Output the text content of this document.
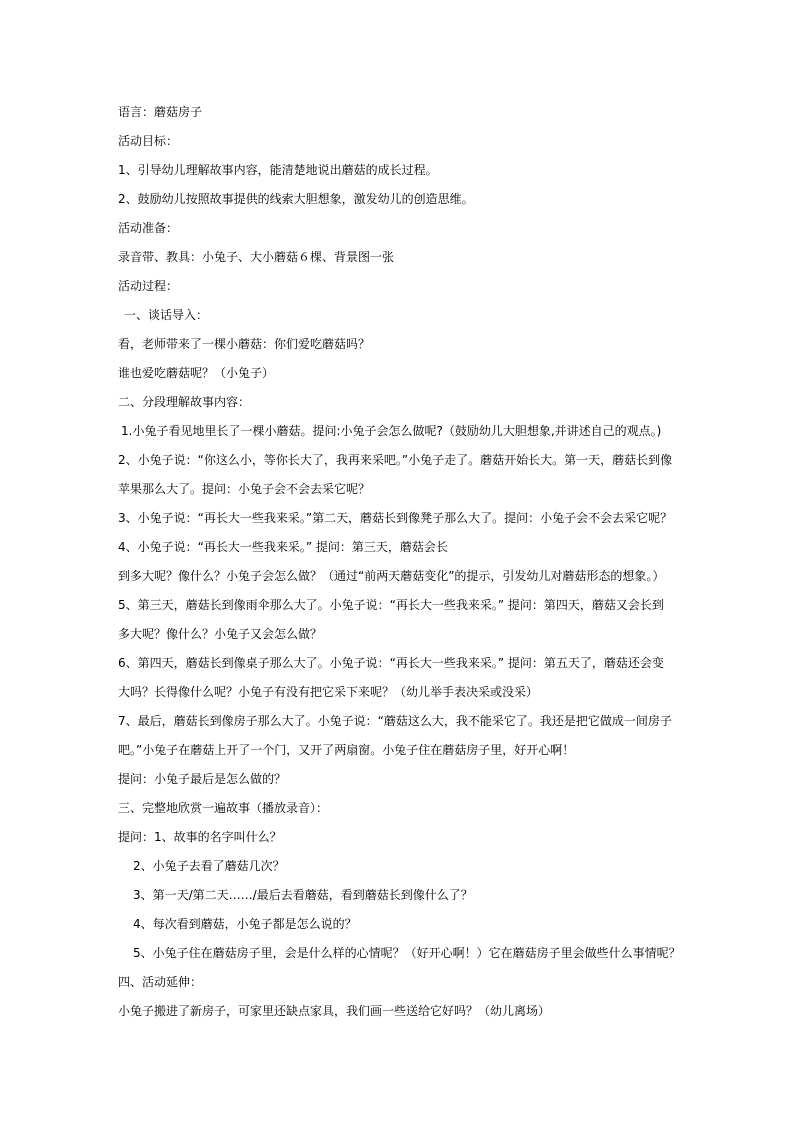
语言：蘑菇房子
活动目标：
1、引导幼儿理解故事内容，能清楚地说出蘑菇的成长过程。
2、鼓励幼儿按照故事提供的线索大胆想象，激发幼儿的创造思维。
活动准备：
录音带、教具：小兔子、大小蘑菇６棵、背景图一张
活动过程：
一、谈话导入：
看，老师带来了一棵小蘑菇：你们爱吃蘑菇吗？
谁也爱吃蘑菇呢？（小兔子）
二、分段理解故事内容：
1.小兔子看见地里长了一棵小蘑菇。提问:小兔子会怎么做呢?（鼓励幼儿大胆想象,并讲述自己的观点。)
2、小兔子说：“你这么小，等你长大了，我再来采吧。”小兔子走了。蘑菇开始长大。第一天，蘑菇长到像
苹果那么大了。提问：小兔子会不会去采它呢？
3、小兔子说：“再长大一些我来采。”第二天，蘑菇长到像凳子那么大了。提问：小兔子会不会去采它呢？
4、小兔子说：“再长大一些我来采。” 提问：第三天，蘑菇会长
到多大呢？像什么？小兔子会怎么做？（通过“前两天蘑菇变化”的提示，引发幼儿对蘑菇形态的想象。）
5、第三天，蘑菇长到像雨伞那么大了。小兔子说：“再长大一些我来采。” 提问：第四天，蘑菇又会长到
多大呢？像什么？小兔子又会怎么做？
6、第四天，蘑菇长到像桌子那么大了。小兔子说：“再长大一些我来采。” 提问：第五天了，蘑菇还会变
大吗？长得像什么呢？小兔子有没有把它采下来呢？（幼儿举手表决采或没采）
7、最后，蘑菇长到像房子那么大了。小兔子说：“蘑菇这么大，我不能采它了。我还是把它做成一间房子
吧。”小兔子在蘑菇上开了一个门，又开了两扇窗。小兔子住在蘑菇房子里，好开心啊！
提问：小兔子最后是怎么做的？
三、完整地欣赏一遍故事（播放录音）：
提问：1、故事的名字叫什么？
2、小兔子去看了蘑菇几次？
3、第一天/第二天……/最后去看蘑菇，看到蘑菇长到像什么了？
4、每次看到蘑菇，小兔子都是怎么说的？
5、小兔子住在蘑菇房子里，会是什么样的心情呢？（好开心啊！）它在蘑菇房子里会做些什么事情呢？
四、活动延伸：
小兔子搬进了新房子，可家里还缺点家具，我们画一些送给它好吗？（幼儿离场）
